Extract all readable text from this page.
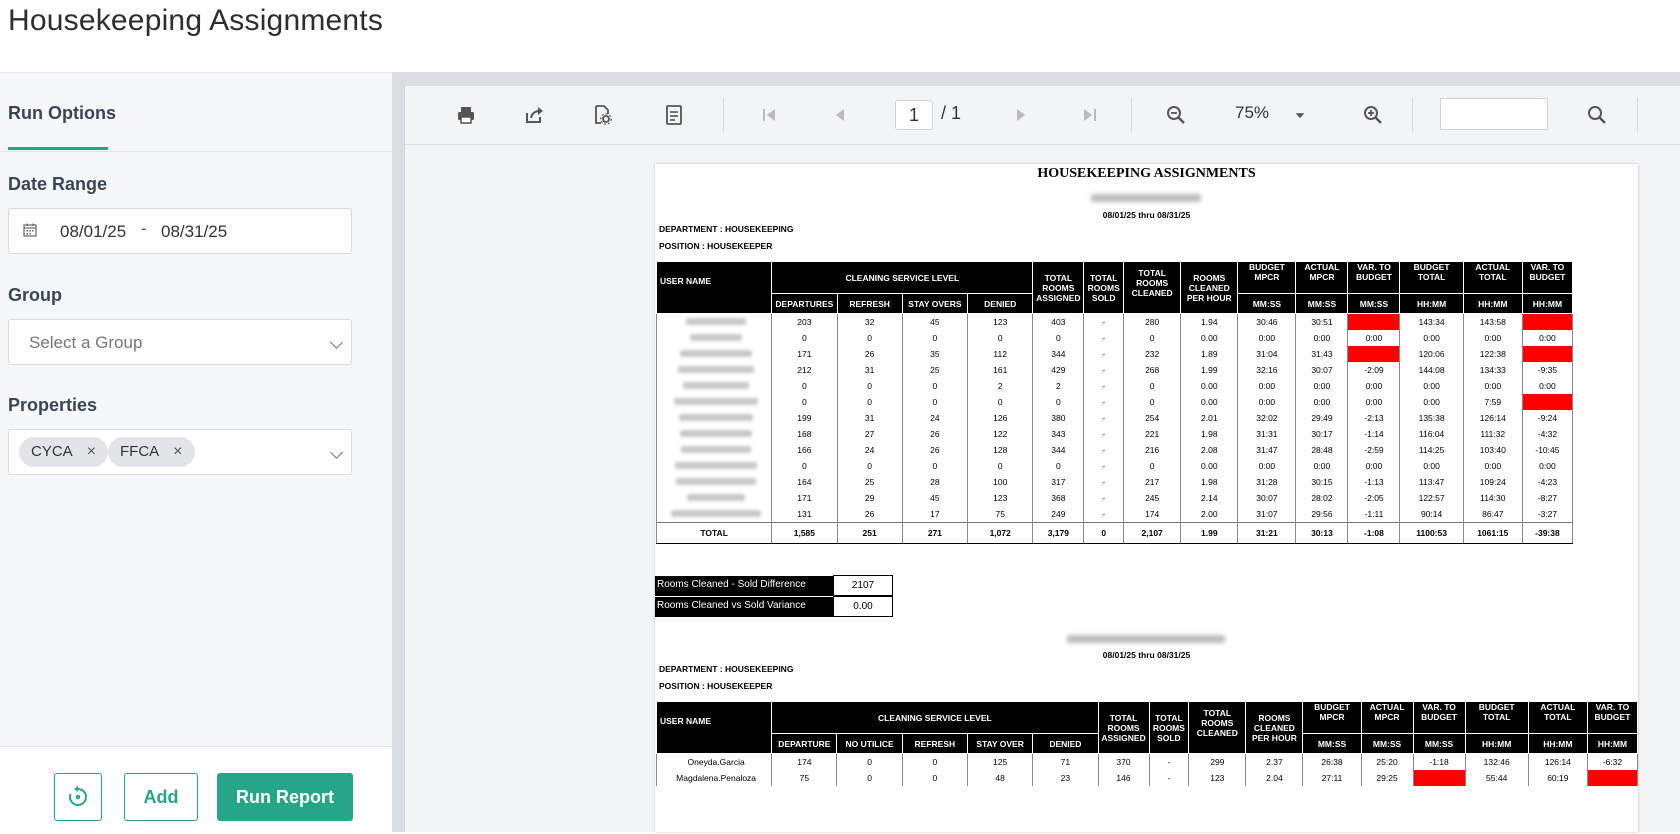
Housekeeping Assignments
Run Options
Date Range
08/01/25 - 08/31/25
Group
Select a Group
Properties
CYCA ×	FFCA ×
Add	Run Report
1	/ 1	75%
HOUSEKEEPING ASSIGNMENTS
08/01/25 thru 08/31/25
DEPARTMENT : HOUSEKEEPING
POSITION : HOUSEKEEPER
USER NAME	CLEANING SERVICE LEVEL				TOTAL ROOMS ASSIGNED	TOTAL ROOMS SOLD	TOTAL ROOMS CLEANED	ROOMS CLEANED PER HOUR	BUDGET MPCR	ACTUAL MPCR	VAR. TO BUDGET	BUDGET TOTAL	ACTUAL TOTAL	VAR. TO BUDGET
	DEPARTURES	REFRESH	STAY OVERS	DENIED					MM:SS	MM:SS	MM:SS	HH:MM	HH:MM	HH:MM
	203	32	45	123	403	-	280	1.94	30:46	30:51	0:05	143:34	143:58	0:24
	0	0	0	0	0	-	0	0.00	0:00	0:00	0:00	0:00	0:00	0:00
	171	26	35	112	344	-	232	1.89	31:04	31:43	0:39	120:06	122:38	2:32
	212	31	25	161	429	-	268	1.99	32:16	30:07	-2:09	144:08	134:33	-9:35
	0	0	0	2	2	-	0	0.00	0:00	0:00	0:00	0:00	0:00	0:00
	0	0	0	0	0	-	0	0.00	0:00	0:00	0:00	0:00	7:59	7:59
	199	31	24	126	380	-	254	2.01	32:02	29:49	-2:13	135:38	126:14	-9:24
	168	27	26	122	343	-	221	1.98	31:31	30:17	-1:14	116:04	111:32	-4:32
	166	24	26	128	344	-	216	2.08	31:47	28:48	-2:59	114:25	103:40	-10:45
	0	0	0	0	0	-	0	0.00	0:00	0:00	0:00	0:00	0:00	0:00
	164	25	28	100	317	-	217	1.98	31:28	30:15	-1:13	113:47	109:24	-4:23
	171	29	45	123	368	-	245	2.14	30:07	28:02	-2:05	122:57	114:30	-8:27
	131	26	17	75	249	-	174	2.00	31:07	29:56	-1:11	90:14	86:47	-3:27
TOTAL	1,585	251	271	1,072	3,179	0	2,107	1.99	31:21	30:13	-1:08	1100:53	1061:15	-39:38
Rooms Cleaned - Sold Difference	2107
Rooms Cleaned vs Sold Variance	0.00
08/01/25 thru 08/31/25
DEPARTMENT : HOUSEKEEPING
POSITION : HOUSEKEEPER
USER NAME	CLEANING SERVICE LEVEL					TOTAL ROOMS ASSIGNED	TOTAL ROOMS SOLD	TOTAL ROOMS CLEANED	ROOMS CLEANED PER HOUR	BUDGET MPCR	ACTUAL MPCR	VAR. TO BUDGET	BUDGET TOTAL	ACTUAL TOTAL	VAR. TO BUDGET
	DEPARTURE	NO UTILICE	REFRESH	STAY OVER	DENIED					MM:SS	MM:SS	MM:SS	HH:MM	HH:MM	HH:MM
Oneyda.Garcia	174	0	0	125	71	370	-	299	2.37	26:38	25:20	-1:18	132:46	126:14	-6:32
Magdalena.Penaloza	75	0	0	48	23	146	-	123	2.04	27:11	29:25	2:14	55:44	60:19	4:35
